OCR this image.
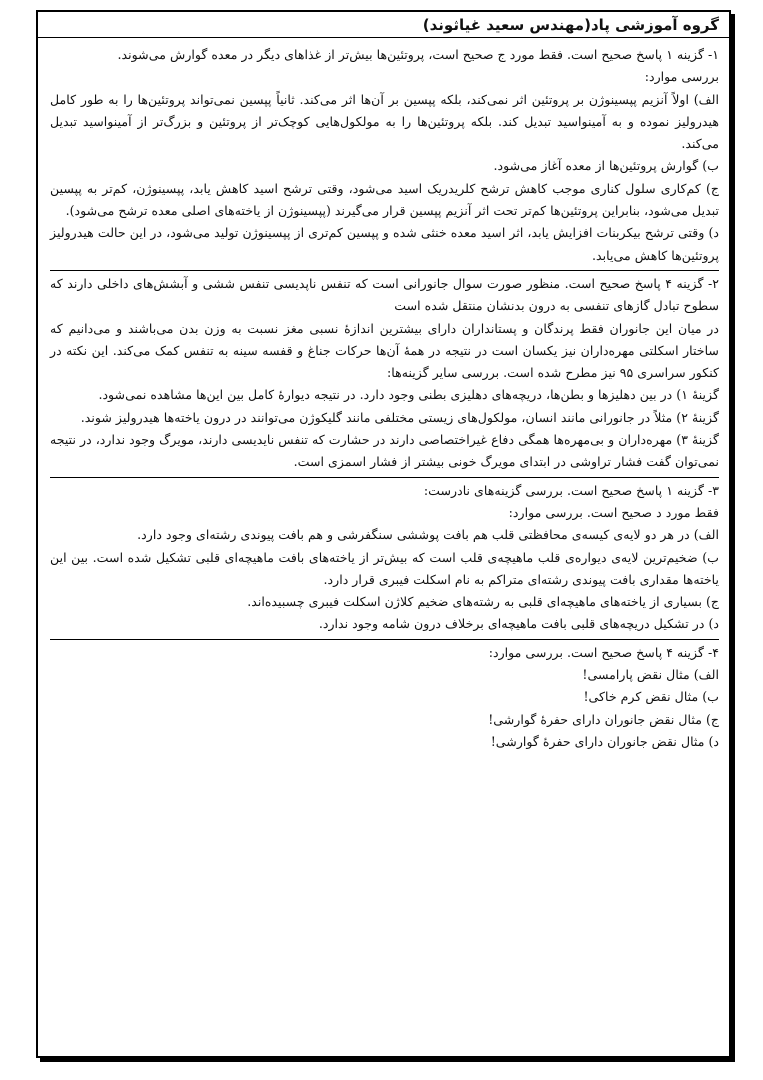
گروه آموزشی پاد(مهندس سعید غیاثوند)

۱- گزینه ۱ پاسخ صحیح است. فقط مورد ج صحیح است، پروتئین‌ها بیش‌تر از غذاهای دیگر در معده گوارش می‌شوند.

بررسی موارد:

الف) اولاً آنزیم پپسینوژن بر پروتئین اثر نمی‌کند، بلکه پپسین بر آن‌ها اثر می‌کند. ثانیاً پپسین نمی‌تواند پروتئین‌ها را به طور کامل هیدرولیز نموده و به آمینواسید تبدیل کند. بلکه پروتئین‌ها را به مولکول‌هایی کوچک‌تر از پروتئین و بزرگ‌تر از آمینواسید تبدیل می‌کند.

ب) گوارش پروتئین‌ها از معده آغاز می‌شود.

ج) کم‌کاری سلول کناری موجب کاهش ترشح کلریدریک اسید می‌شود، وقتی ترشح اسید کاهش یابد، پپسینوژن، کم‌تر به پپسین تبدیل می‌شود، بنابراین پروتئین‌ها کم‌تر تحت اثر آنزیم پپسین قرار می‌گیرند (پپسینوژن از یاخته‌های اصلی معده ترشح می‌شود).

د) وقتی ترشح بیکربنات افزایش یابد، اثر اسید معده خنثی شده و پپسین کم‌تری از پپسینوژن تولید می‌شود، در این حالت هیدرولیز پروتئین‌ها کاهش می‌یابد.

۲- گزینه ۴ پاسخ صحیح است. منظور صورت سوال جانورانی است که تنفس ناپدیسی تنفس ششی و آبشش‌های داخلی دارند که سطوح تبادل گازهای تنفسی به درون بدنشان منتقل شده است

در میان این جانوران فقط پرندگان و پستانداران دارای بیشترین اندازهٔ نسبی مغز نسبت به وزن بدن می‌باشند و می‌دانیم که ساختار اسکلتی مهره‌داران نیز یکسان است در نتیجه در همهٔ آن‌ها حرکات جناغ و قفسه سینه به تنفس کمک می‌کند. این نکته در کنکور سراسری ۹۵ نیز مطرح شده است. بررسی سایر گزینه‌ها:

گزینهٔ ۱) در بین دهلیزها و بطن‌ها، دریچه‌های دهلیزی بطنی وجود دارد. در نتیجه دیوارهٔ کامل بین این‌ها مشاهده نمی‌شود.

گزینهٔ ۲) مثلاً در جانورانی مانند انسان، مولکول‌های زیستی مختلفی مانند گلیکوژن می‌توانند در درون یاخته‌ها هیدرولیز شوند.

گزینهٔ ۳) مهره‌داران و بی‌مهره‌ها همگی دفاع غیراختصاصی دارند در حشارت که تنفس نایدیسی دارند، مویرگ وجود ندارد، در نتیجه نمی‌توان گفت فشار تراوشی در ابتدای مویرگ خونی بیشتر از فشار اسمزی است.

۳- گزینه ۱ پاسخ صحیح است. بررسی گزینه‌های نادرست:

فقط مورد د صحیح است. بررسی موارد:

الف) در هر دو لایه‌ی کیسه‌ی محافظتی قلب هم بافت پوششی سنگفرشی و هم بافت پیوندی رشته‌ای وجود دارد.

ب) ضخیم‌ترین لایه‌ی دیواره‌ی قلب ماهیچه‌ی قلب است که بیش‌تر از یاخته‌های بافت ماهیچه‌ای قلبی تشکیل شده است. بین این یاخته‌ها مقداری بافت پیوندی رشته‌ای متراکم به نام اسکلت فیبری قرار دارد.

ج) بسیاری از یاخته‌های ماهیچه‌ای قلبی به رشته‌های ضخیم کلاژن اسکلت فیبری چسبیده‌اند.

د) در تشکیل دریچه‌های قلبی بافت ماهیچه‌ای برخلاف درون شامه وجود ندارد.

۴- گزینه ۴ پاسخ صحیح است. بررسی موارد:

الف) مثال نقض پارامسی!

ب) مثال نقض کرم خاکی!

ج) مثال نقض جانوران دارای حفرهٔ گوارشی!

د) مثال نقض جانوران دارای حفرهٔ گوارشی!
